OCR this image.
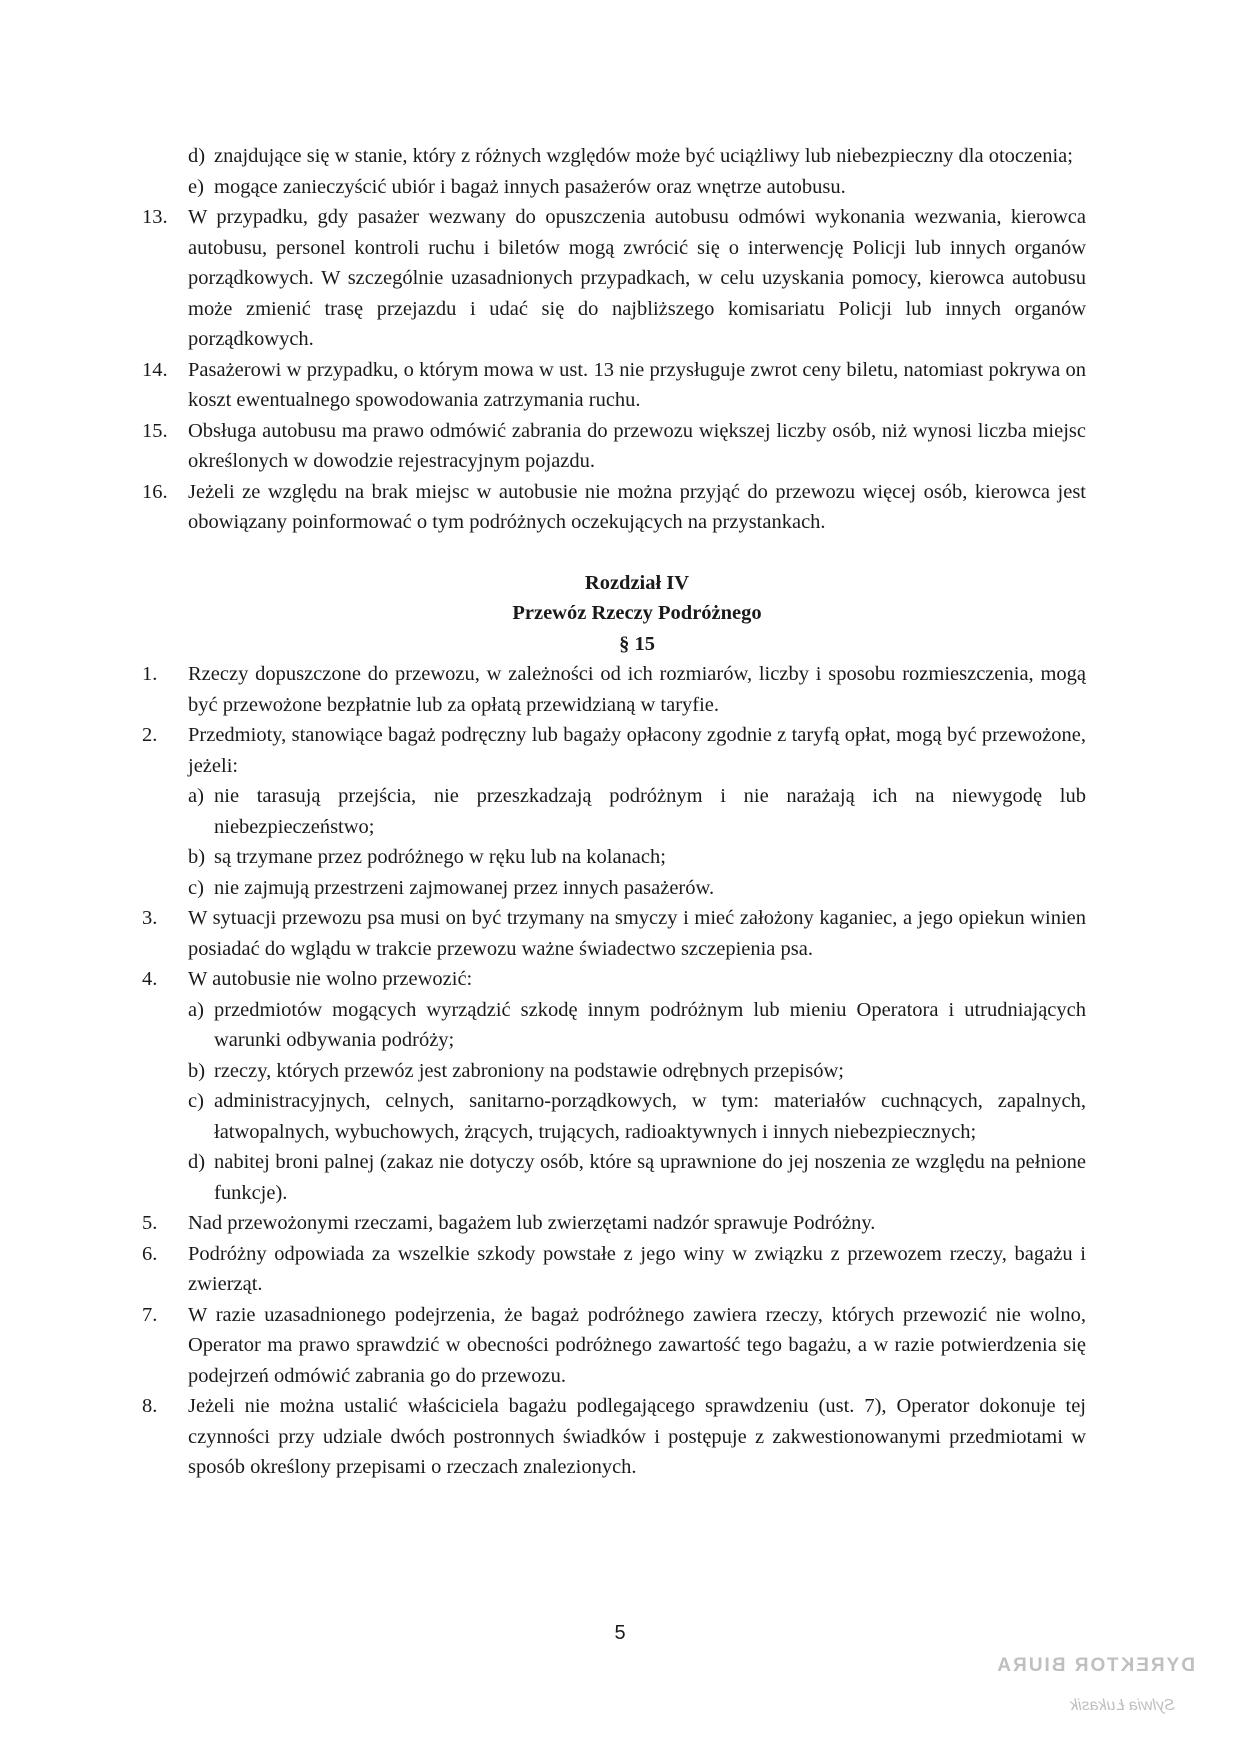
d) znajdujące się w stanie, który z różnych względów może być uciążliwy lub niebezpieczny dla otoczenia;

e) mogące zanieczyścić ubiór i bagaż innych pasażerów oraz wnętrze autobusu.

13. W przypadku, gdy pasażer wezwany do opuszczenia autobusu odmówi wykonania wezwania, kierowca autobusu, personel kontroli ruchu i biletów mogą zwrócić się o interwencję Policji lub innych organów porządkowych. W szczególnie uzasadnionych przypadkach, w celu uzyskania pomocy, kierowca autobusu może zmienić trasę przejazdu i udać się do najbliższego komisariatu Policji lub innych organów porządkowych.

14. Pasażerowi w przypadku, o którym mowa w ust. 13 nie przysługuje zwrot ceny biletu, natomiast pokrywa on koszt ewentualnego spowodowania zatrzymania ruchu.

15. Obsługa autobusu ma prawo odmówić zabrania do przewozu większej liczby osób, niż wynosi liczba miejsc określonych w dowodzie rejestracyjnym pojazdu.

16. Jeżeli ze względu na brak miejsc w autobusie nie można przyjąć do przewozu więcej osób, kierowca jest obowiązany poinformować o tym podróżnych oczekujących na przystankach.

Rozdział IV

Przewóz Rzeczy Podróżnego

§ 15

1.	Rzeczy dopuszczone do przewozu, w zależności od ich rozmiarów, liczby i sposobu rozmieszczenia, mogą być przewożone bezpłatnie lub za opłatą przewidzianą w taryfie.

2.	Przedmioty, stanowiące bagaż podręczny lub bagaży opłacony zgodnie z taryfą opłat, mogą być przewożone, jeżeli:

a) nie tarasują przejścia, nie przeszkadzają podróżnym i nie narażają ich na niewygodę lub niebezpieczeństwo;

b) są trzymane przez podróżnego w ręku lub na kolanach;

c) nie zajmują przestrzeni zajmowanej przez innych pasażerów.

3.	W sytuacji przewozu psa musi on być trzymany na smyczy i mieć założony kaganiec, a jego opiekun winien posiadać do wglądu w trakcie przewozu ważne świadectwo szczepienia psa.

4.	W autobusie nie wolno przewozić:

a) przedmiotów mogących wyrządzić szkodę innym podróżnym lub mieniu Operatora i utrudniających warunki odbywania podróży;

b) rzeczy, których przewóz jest zabroniony na podstawie odrębnych przepisów;

c) administracyjnych, celnych, sanitarno-porządkowych, w tym: materiałów cuchnących, zapalnych, łatwopalnych, wybuchowych, żrących, trujących, radioaktywnych i innych niebezpiecznych;

d) nabitej broni palnej (zakaz nie dotyczy osób, które są uprawnione do jej noszenia ze względu na pełnione funkcje).

5.	Nad przewożonymi rzeczami, bagażem lub zwierzętami nadzór sprawuje Podróżny.

6.	Podróżny odpowiada za wszelkie szkody powstałe z jego winy w związku z przewozem rzeczy, bagażu i zwierząt.

7.	W razie uzasadnionego podejrzenia, że bagaż podróżnego zawiera rzeczy, których przewozić nie wolno, Operator ma prawo sprawdzić w obecności podróżnego zawartość tego bagażu, a w razie potwierdzenia się podejrzeń odmówić zabrania go do przewozu.

8.	Jeżeli nie można ustalić właściciela bagażu podlegającego sprawdzeniu (ust. 7), Operator dokonuje tej czynności przy udziale dwóch postronnych świadków i postępuje z zakwestionowanymi przedmiotami w sposób określony przepisami o rzeczach znalezionych.

5
DYREKTOR BIURA
Sylwia Łukasik
